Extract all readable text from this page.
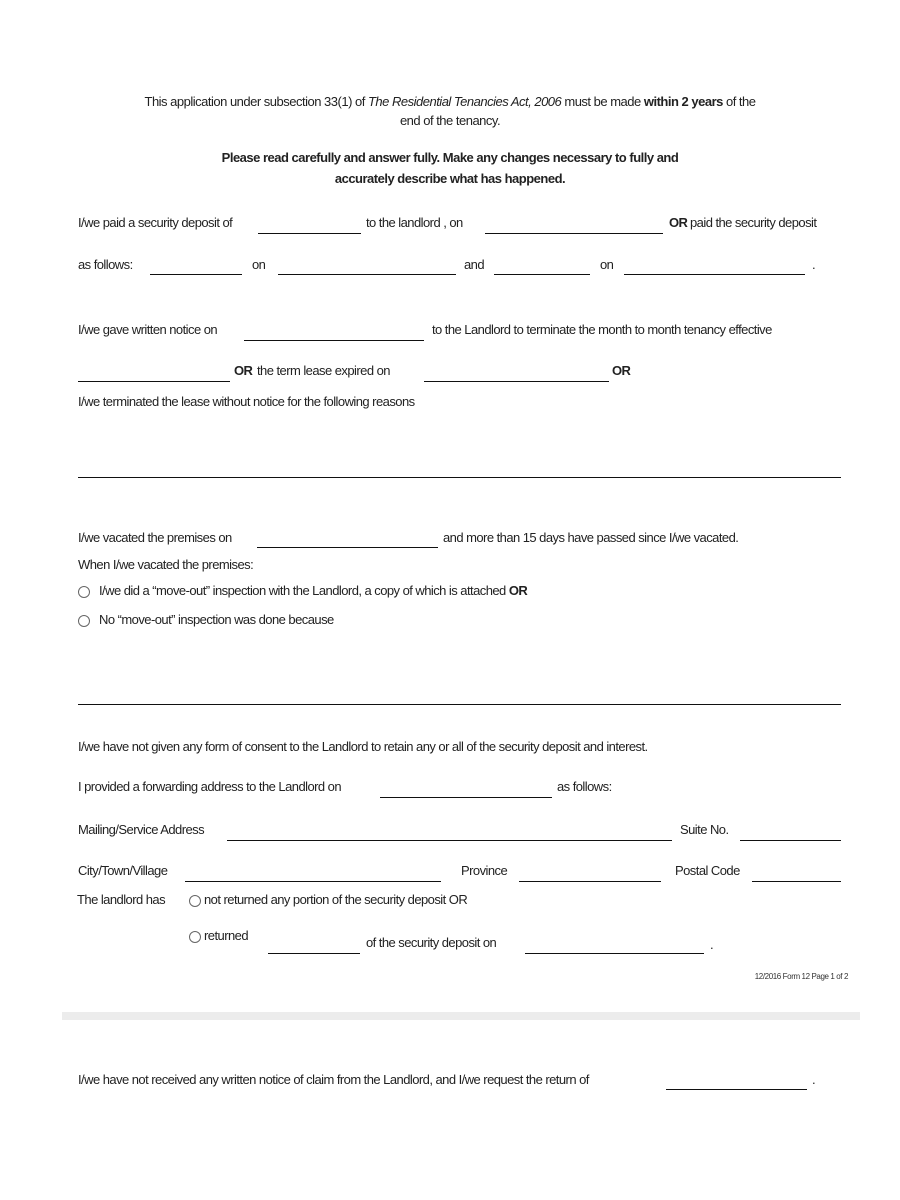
This application under subsection 33(1) of The Residential Tenancies Act, 2006 must be made within 2 years of the
end of the tenancy.
Please read carefully and answer fully. Make any changes necessary to fully and
accurately describe what has happened.
I/we paid a security deposit of	to the landlord , on	OR paid the security deposit
as follows:	on	and	on	.
I/we gave written notice on	to the Landlord to terminate the month to month tenancy effective
OR the term lease expired on	OR
I/we terminated the lease without notice for the following reasons
I/we vacated the premises on	and more than 15 days have passed since I/we vacated.
When I/we vacated the premises:
I/we did a “move-out” inspection with the Landlord, a copy of which is attached OR
No “move-out” inspection was done because
I/we have not given any form of consent to the Landlord to retain any or all of the security deposit and interest.
I provided a forwarding address to the Landlord on	as follows:
Mailing/Service Address	Suite No.
City/Town/Village	Province	Postal Code
The landlord has	not returned any portion of the security deposit OR
returned	of the security deposit on	.
12/2016 Form 12 Page 1 of 2
I/we have not received any written notice of claim from the Landlord, and I/we request the return of	.
